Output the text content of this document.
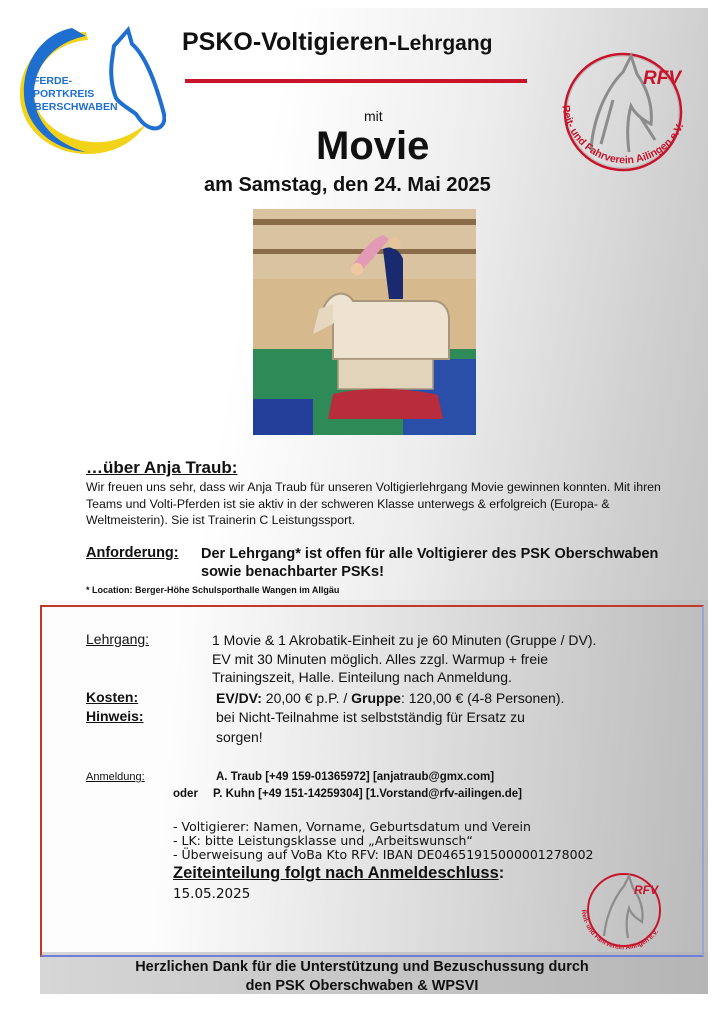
PFERDE-
SPORTKREIS
OBERSCHWABEN
PSKO-Voltigieren-Lehrgang
RFV
Reit- und Fahrverein Ailingen e.V.
mit
Movie
am Samstag, den 24. Mai 2025
…über Anja Traub:
Wir freuen uns sehr, dass wir Anja Traub für unseren Voltigierlehrgang Movie gewinnen konnten. Mit ihren Teams und Volti-Pferden ist sie aktiv in der schweren Klasse unterwegs & erfolgreich (Europa- & Weltmeisterin). Sie ist Trainerin C Leistungssport.
Anforderung: Der Lehrgang* ist offen für alle Voltigierer des PSK Oberschwaben sowie benachbarter PSKs!
* Location: Berger-Höhe Schulsporthalle Wangen im Allgäu
Lehrgang:	1 Movie & 1 Akrobatik-Einheit zu je 60 Minuten (Gruppe / DV).
EV mit 30 Minuten möglich. Alles zzgl. Warmup + freie
Trainingszeit, Halle. Einteilung nach Anmeldung.
Kosten:	EV/DV: 20,00 € p.P. / Gruppe: 120,00 € (4-8 Personen).
Hinweis:	bei Nicht-Teilnahme ist selbstständig für Ersatz zu
sorgen!
Anmeldung:	A. Traub [+49 159-01365972] [anjatraub@gmx.com]
oder P. Kuhn [+49 151-14259304] [1.Vorstand@rfv-ailingen.de]
- Voltigierer: Namen, Vorname, Geburtsdatum und Verein
- LK: bitte Leistungsklasse und „Arbeitswunsch“
- Überweisung auf VoBa Kto RFV: IBAN DE04651915000001278002
Zeiteinteilung folgt nach Anmeldeschluss:
15.05.2025	RFV
Reit- und Fahrverein Ailingen e.V.
Herzlichen Dank für die Unterstützung und Bezuschussung durch
den PSK Oberschwaben & WPSVI
